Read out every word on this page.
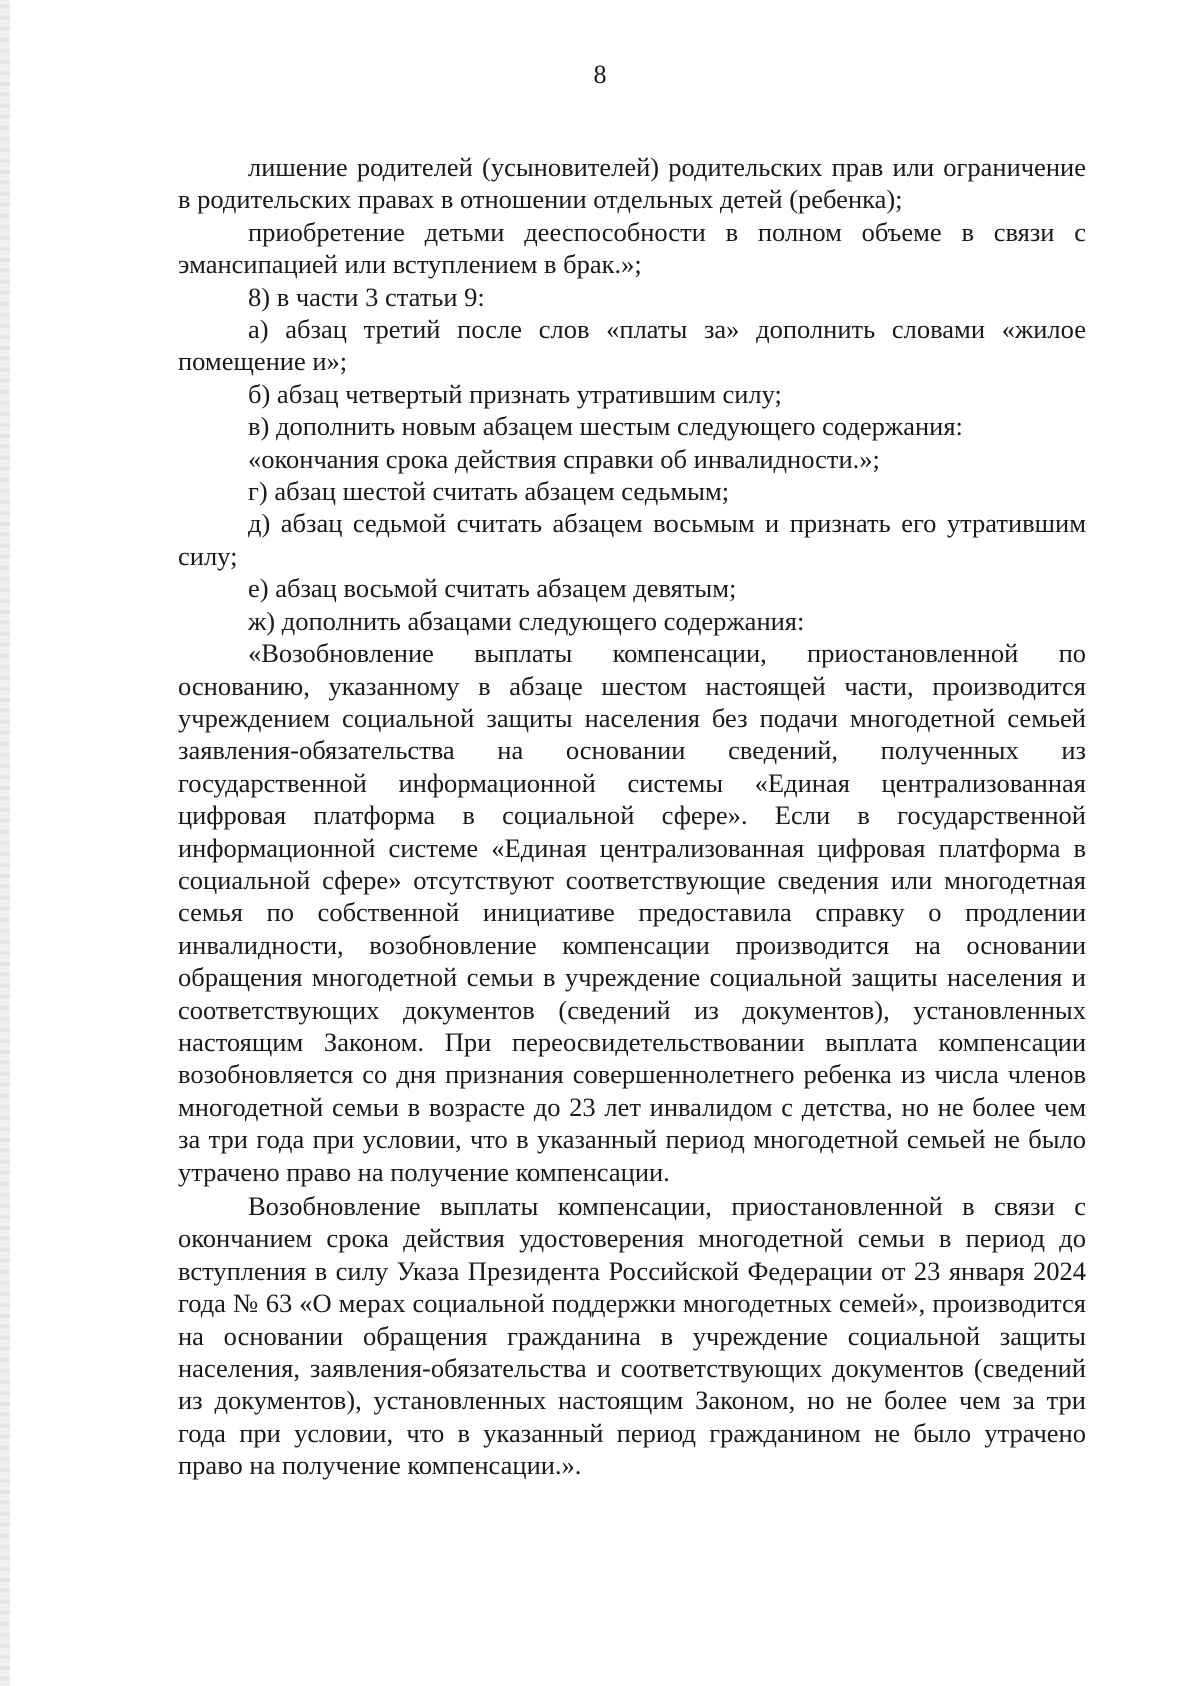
8

лишение родителей (усыновителей) родительских прав или ограничение в родительских правах в отношении отдельных детей (ребенка);

приобретение детьми дееспособности в полном объеме в связи с эмансипацией или вступлением в брак.»;

8) в части 3 статьи 9:

а) абзац третий после слов «платы за» дополнить словами «жилое помещение и»;

б) абзац четвертый признать утратившим силу;

в) дополнить новым абзацем шестым следующего содержания:

«окончания срока действия справки об инвалидности.»;

г) абзац шестой считать абзацем седьмым;

д) абзац седьмой считать абзацем восьмым и признать его утратившим силу;

е) абзац восьмой считать абзацем девятым;

ж) дополнить абзацами следующего содержания:

«Возобновление выплаты компенсации, приостановленной по основанию, указанному в абзаце шестом настоящей части, производится учреждением социальной защиты населения без подачи многодетной семьей заявления-обязательства на основании сведений, полученных из государственной информационной системы «Единая централизованная цифровая платформа в социальной сфере». Если в государственной информационной системе «Единая централизованная цифровая платформа в социальной сфере» отсутствуют соответствующие сведения или многодетная семья по собственной инициативе предоставила справку о продлении инвалидности, возобновление компенсации производится на основании обращения многодетной семьи в учреждение социальной защиты населения и соответствующих документов (сведений из документов), установленных настоящим Законом. При переосвидетельствовании выплата компенсации возобновляется со дня признания совершеннолетнего ребенка из числа членов многодетной семьи в возрасте до 23 лет инвалидом с детства, но не более чем за три года при условии, что в указанный период многодетной семьей не было утрачено право на получение компенсации.

Возобновление выплаты компенсации, приостановленной в связи с окончанием срока действия удостоверения многодетной семьи в период до вступления в силу Указа Президента Российской Федерации от 23 января 2024 года № 63 «О мерах социальной поддержки многодетных семей», производится на основании обращения гражданина в учреждение социальной защиты населения, заявления-обязательства и соответствующих документов (сведений из документов), установленных настоящим Законом, но не более чем за три года при условии, что в указанный период гражданином не было утрачено право на получение компенсации.».
